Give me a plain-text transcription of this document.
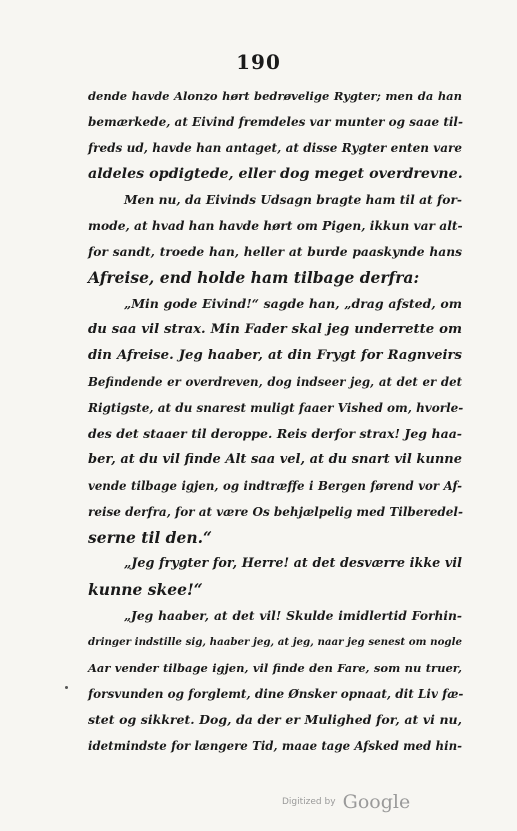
190
dende havde Alonzo hørt bedrøvelige Rygter; men da han
bemærkede, at Eivind fremdeles var munter og saae til-
freds ud, havde han antaget, at disse Rygter enten vare
aldeles opdigtede, eller dog meget overdrevne.
Men nu, da Eivinds Udsagn bragte ham til at for-
mode, at hvad han havde hørt om Pigen, ikkun var alt-
for sandt, troede han, heller at burde paaskynde hans
Afreise, end holde ham tilbage derfra:
„Min gode Eivind!“ sagde han, „drag afsted, om
du saa vil strax. Min Fader skal jeg underrette om
din Afreise. Jeg haaber, at din Frygt for Ragnveirs
Befindende er overdreven, dog indseer jeg, at det er det
Rigtigste, at du snarest muligt faaer Vished om, hvorle-
des det staaer til deroppe. Reis derfor strax! Jeg haa-
ber, at du vil finde Alt saa vel, at du snart vil kunne
vende tilbage igjen, og indtræffe i Bergen førend vor Af-
reise derfra, for at være Os behjælpelig med Tilberedel-
serne til den.“
„Jeg frygter for, Herre! at det desværre ikke vil
kunne skee!“
„Jeg haaber, at det vil! Skulde imidlertid Forhin-
dringer indstille sig, haaber jeg, at jeg, naar jeg senest om nogle
Aar vender tilbage igjen, vil finde den Fare, som nu truer,
forsvunden og forglemt, dine Ønsker opnaat, dit Liv fæ-
stet og sikkret. Dog, da der er Mulighed for, at vi nu,
idetmindste for længere Tid, maae tage Afsked med hin-
Digitized by Google
